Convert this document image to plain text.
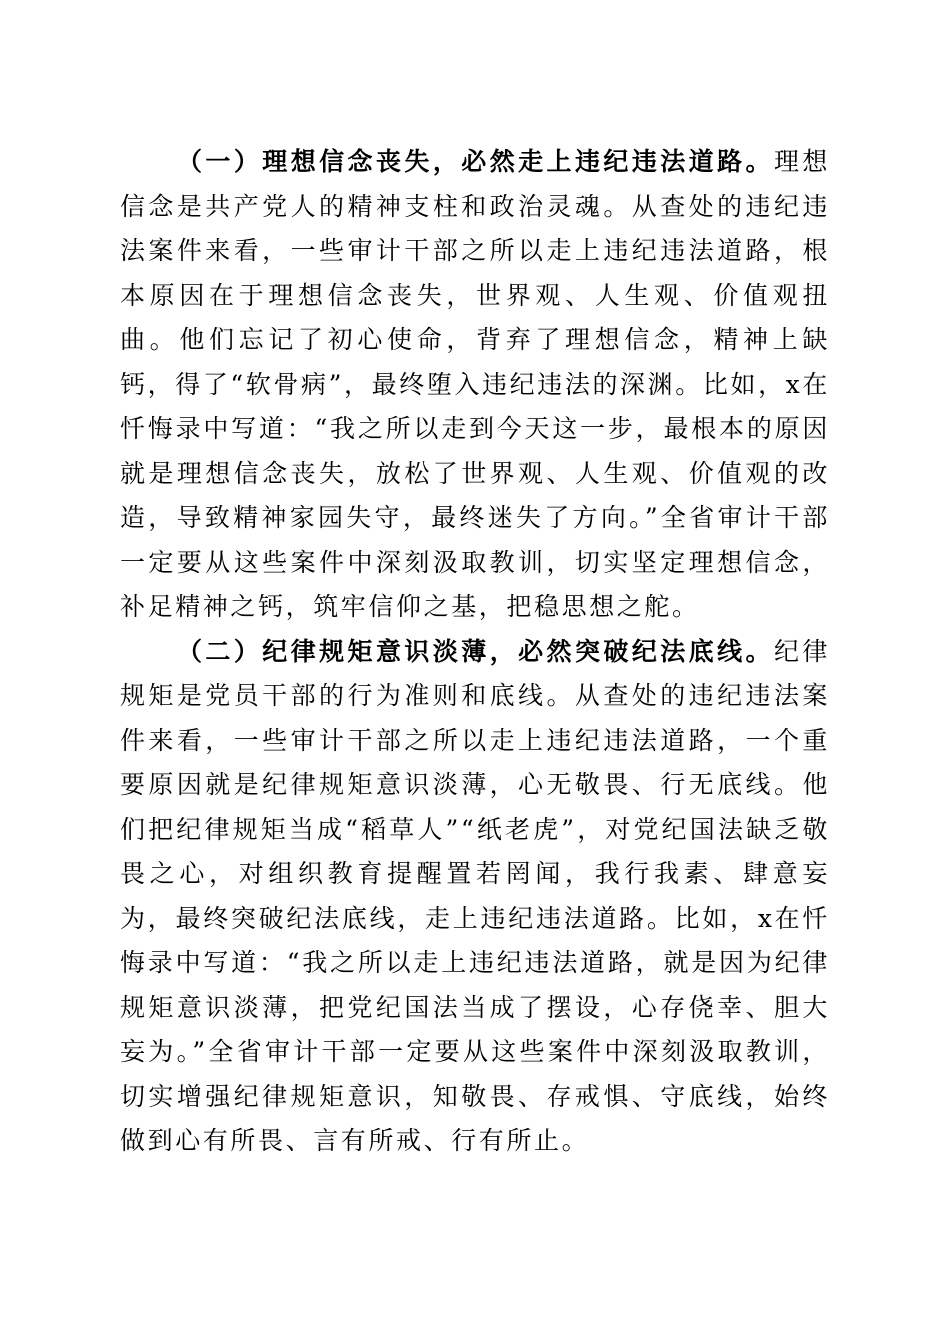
（一）理想信念丧失，必然走上违纪违法道路。理想信念是共产党人的精神支柱和政治灵魂。从查处的违纪违法案件来看，一些审计干部之所以走上违纪违法道路，根本原因在于理想信念丧失，世界观、人生观、价值观扭曲。他们忘记了初心使命，背弃了理想信念，精神上缺钙，得了“软骨病”，最终堕入违纪违法的深渊。比如，x在忏悔录中写道：“我之所以走到今天这一步，最根本的原因就是理想信念丧失，放松了世界观、人生观、价值观的改造，导致精神家园失守，最终迷失了方向。”全省审计干部一定要从这些案件中深刻汲取教训，切实坚定理想信念，补足精神之钙，筑牢信仰之基，把稳思想之舵。

（二）纪律规矩意识淡薄，必然突破纪法底线。纪律规矩是党员干部的行为准则和底线。从查处的违纪违法案件来看，一些审计干部之所以走上违纪违法道路，一个重要原因就是纪律规矩意识淡薄，心无敬畏、行无底线。他们把纪律规矩当成“稻草人”“纸老虎”，对党纪国法缺乏敬畏之心，对组织教育提醒置若罔闻，我行我素、肆意妄为，最终突破纪法底线，走上违纪违法道路。比如，x在忏悔录中写道：“我之所以走上违纪违法道路，就是因为纪律规矩意识淡薄，把党纪国法当成了摆设，心存侥幸、胆大妄为。”全省审计干部一定要从这些案件中深刻汲取教训，切实增强纪律规矩意识，知敬畏、存戒惧、守底线，始终做到心有所畏、言有所戒、行有所止。
